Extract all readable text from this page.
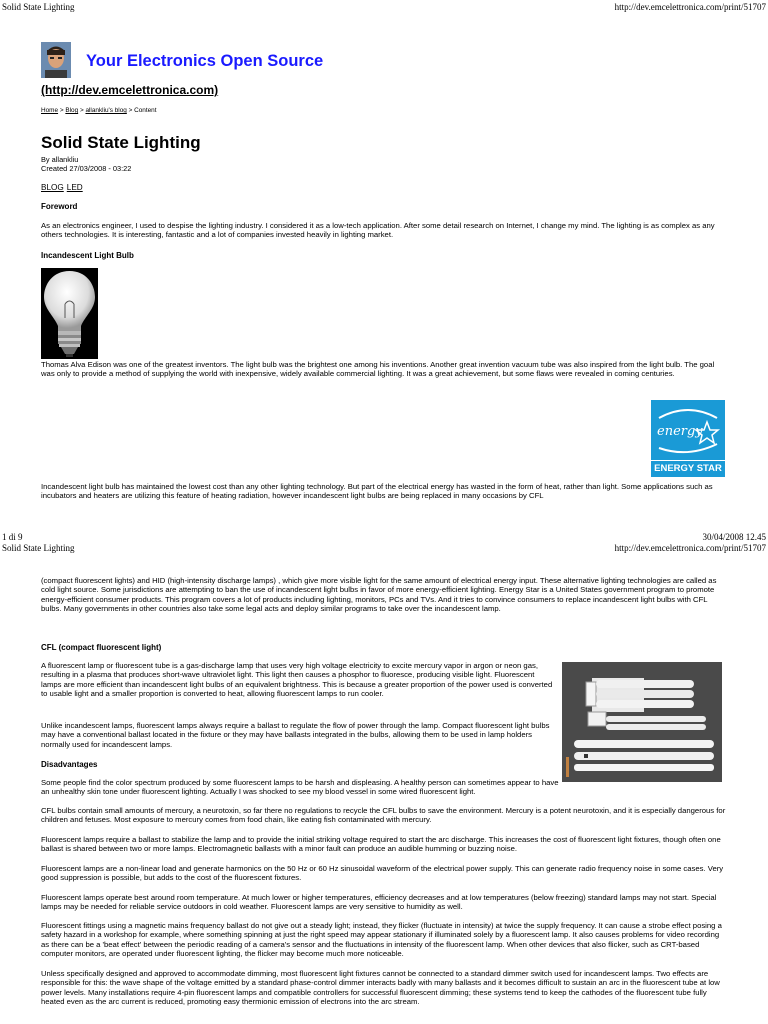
Solid State Lighting	http://dev.emcelettronica.com/print/51707
Your Electronics Open Source
(http://dev.emcelettronica.com)
Home > Blog > allankliu's blog > Content
Solid State Lighting
By allankliu
Created 27/03/2008 - 03:22
BLOG LED
Foreword

As an electronics engineer, I used to despise the lighting industry. I considered it as a low-tech application. After some detail research on Internet, I change my mind. The lighting is as complex as any others technologies. It is interesting, fantastic and a lot of companies invested heavily in lighting market.

Incandescent Light Bulb

Thomas Alva Edison was one of the greatest inventors. The light bulb was the brightest one among his inventions. Another great invention vacuum tube was also inspired from the light bulb. The goal was only to provide a method of supplying the world with inexpensive, widely available commercial lighting. It was a great achievement, but some flaws were revealed in coming centuries.

energy
ENERGY STAR

Incandescent light bulb has maintained the lowest cost than any other lighting technology. But part of the electrical energy has wasted in the form of heat, rather than light. Some applications such as incubators and heaters are utilizing this feature of heating radiation, however incandescent light bulbs are being replaced in many occasions by CFL

1 di 9	30/04/2008 12.45
Solid State Lighting	http://dev.emcelettronica.com/print/51707

(compact fluorescent lights) and HID (high-intensity discharge lamps) , which give more visible light for the same amount of electrical energy input. These alternative lighting technologies are called as cold light source. Some jurisdictions are attempting to ban the use of incandescent light bulbs in favor of more energy-efficient lighting. Energy Star is a United States government program to promote energy-efficient consumer products. This program covers a lot of products including lighting, monitors, PCs and TVs. And it tries to convince consumers to replace incandescent light bulbs with CFL bulbs. Many governments in other countries also take some legal acts and deploy similar programs to take over the incandescent lamp.

CFL (compact fluorescent light)

A fluorescent lamp or fluorescent tube is a gas-discharge lamp that uses very high voltage electricity to excite mercury vapor in argon or neon gas, resulting in a plasma that produces short-wave ultraviolet light. This light then causes a phosphor to fluoresce, producing visible light. Fluorescent lamps are more efficient than incandescent light bulbs of an equivalent brightness. This is because a greater proportion of the power used is converted to usable light and a smaller proportion is converted to heat, allowing fluorescent lamps to run cooler.

Unlike incandescent lamps, fluorescent lamps always require a ballast to regulate the flow of power through the lamp. Compact fluorescent light bulbs may have a conventional ballast located in the fixture or they may have ballasts integrated in the bulbs, allowing them to be used in lamp holders normally used for incandescent lamps.

Disadvantages

Some people find the color spectrum produced by some fluorescent lamps to be harsh and displeasing. A healthy person can sometimes appear to have an unhealthy skin tone under fluorescent lighting. Actually I was shocked to see my blood vessel in some wired fluorescent light.

CFL bulbs contain small amounts of mercury, a neurotoxin, so far there no regulations to recycle the CFL bulbs to save the environment. Mercury is a potent neurotoxin, and it is especially dangerous for children and fetuses. Most exposure to mercury comes from food chain, like eating fish contaminated with mercury.

Fluorescent lamps require a ballast to stabilize the lamp and to provide the initial striking voltage required to start the arc discharge. This increases the cost of fluorescent light fixtures, though often one ballast is shared between two or more lamps. Electromagnetic ballasts with a minor fault can produce an audible humming or buzzing noise.

Fluorescent lamps are a non-linear load and generate harmonics on the 50 Hz or 60 Hz sinusoidal waveform of the electrical power supply. This can generate radio frequency noise in some cases. Very good suppression is possible, but adds to the cost of the fluorescent fixtures.

Fluorescent lamps operate best around room temperature. At much lower or higher temperatures, efficiency decreases and at low temperatures (below freezing) standard lamps may not start. Special lamps may be needed for reliable service outdoors in cold weather. Fluorescent lamps are very sensitive to humidity as well.

Fluorescent fittings using a magnetic mains frequency ballast do not give out a steady light; instead, they flicker (fluctuate in intensity) at twice the supply frequency. It can cause a strobe effect posing a safety hazard in a workshop for example, where something spinning at just the right speed may appear stationary if illuminated solely by a fluorescent lamp. It also causes problems for video recording as there can be a 'beat effect' between the periodic reading of a camera's sensor and the fluctuations in intensity of the fluorescent lamp. When other devices that also flicker, such as CRT-based computer monitors, are operated under fluorescent lighting, the flicker may become much more noticeable.

Unless specifically designed and approved to accommodate dimming, most fluorescent light fixtures cannot be connected to a standard dimmer switch used for incandescent lamps. Two effects are responsible for this: the wave shape of the voltage emitted by a standard phase-control dimmer interacts badly with many ballasts and it becomes difficult to sustain an arc in the fluorescent tube at low power levels. Many installations require 4-pin fluorescent lamps and compatible controllers for successful fluorescent dimming; these systems tend to keep the cathodes of the fluorescent tube fully heated even as the arc current is reduced, promoting easy thermionic emission of electrons into the arc stream.
